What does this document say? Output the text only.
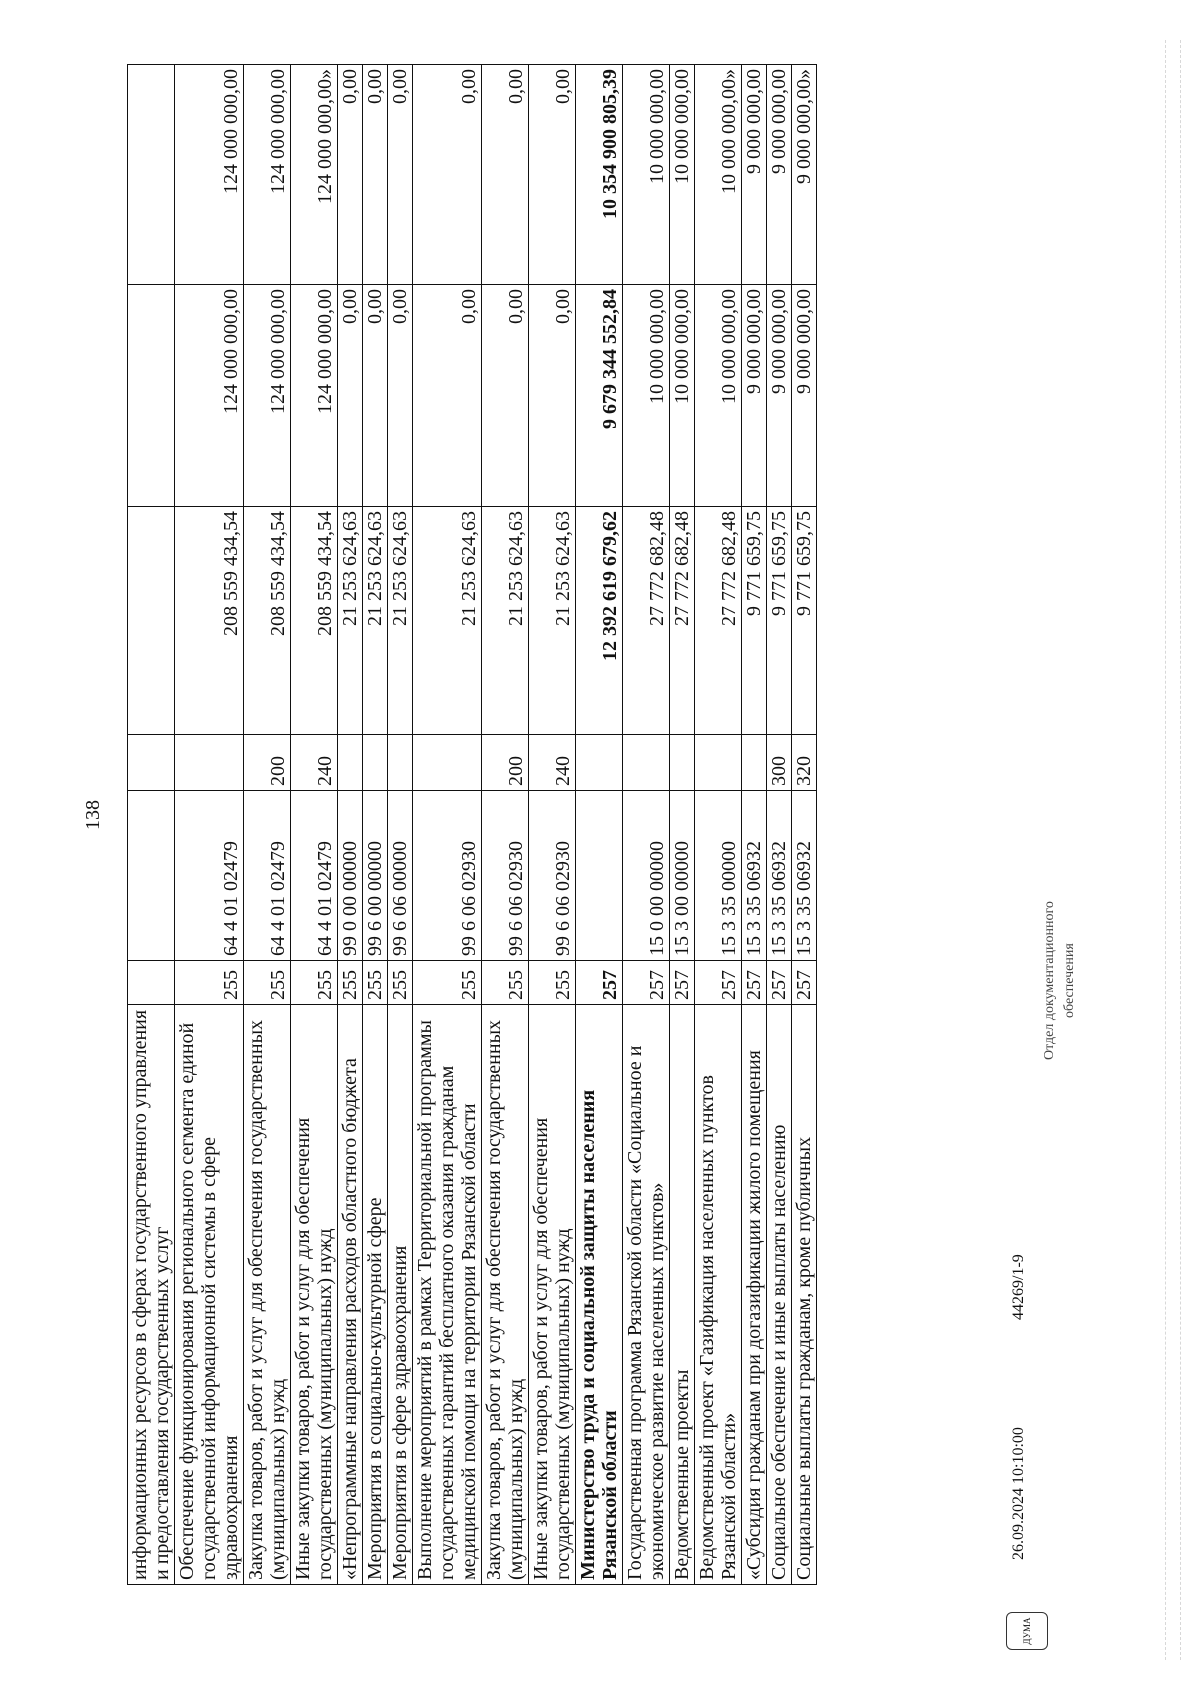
138
информационных ресурсов в сферах государственного управления и предоставления государственных услуг						
Обеспечение функционирования регионального сегмента единой государственной информационной системы в сфере здравоохранения	255	64 4 01 02479		208 559 434,54	124 000 000,00	124 000 000,00
Закупка товаров, работ и услуг для обеспечения государственных (муниципальных) нужд	255	64 4 01 02479	200	208 559 434,54	124 000 000,00	124 000 000,00
Иные закупки товаров, работ и услуг для обеспечения государственных (муниципальных) нужд	255	64 4 01 02479	240	208 559 434,54	124 000 000,00	124 000 000,00»
«Непрограммные направления расходов областного бюджета	255	99 0 00 00000		21 253 624,63	0,00	0,00
Мероприятия в социально-культурной сфере	255	99 6 00 00000		21 253 624,63	0,00	0,00
Мероприятия в сфере здравоохранения	255	99 6 06 00000		21 253 624,63	0,00	0,00
Выполнение мероприятий в рамках Территориальной программы государственных гарантий бесплатного оказания гражданам медицинской помощи на территории Рязанской области	255	99 6 06 02930		21 253 624,63	0,00	0,00
Закупка товаров, работ и услуг для обеспечения государственных (муниципальных) нужд	255	99 6 06 02930	200	21 253 624,63	0,00	0,00
Иные закупки товаров, работ и услуг для обеспечения государственных (муниципальных) нужд	255	99 6 06 02930	240	21 253 624,63	0,00	0,00
Министерство труда и социальной защиты населения Рязанской области	257			12 392 619 679,62	9 679 344 552,84	10 354 900 805,39
Государственная программа Рязанской области «Социальное и экономическое развитие населенных пунктов»	257	15 0 00 00000		27 772 682,48	10 000 000,00	10 000 000,00
Ведомственные проекты	257	15 3 00 00000		27 772 682,48	10 000 000,00	10 000 000,00
Ведомственный проект «Газификация населенных пунктов Рязанской области»	257	15 3 35 00000		27 772 682,48	10 000 000,00	10 000 000,00»
«Субсидия гражданам при догазификации жилого помещения	257	15 3 35 06932		9 771 659,75	9 000 000,00	9 000 000,00
Социальное обеспечение и иные выплаты населению	257	15 3 35 06932	300	9 771 659,75	9 000 000,00	9 000 000,00
Социальные выплаты гражданам, кроме публичных	257	15 3 35 06932	320	9 771 659,75	9 000 000,00	9 000 000,00»
ДУМА
26.09.2024 10:10:00
44269/1-9
Отдел документационного обеспечения
